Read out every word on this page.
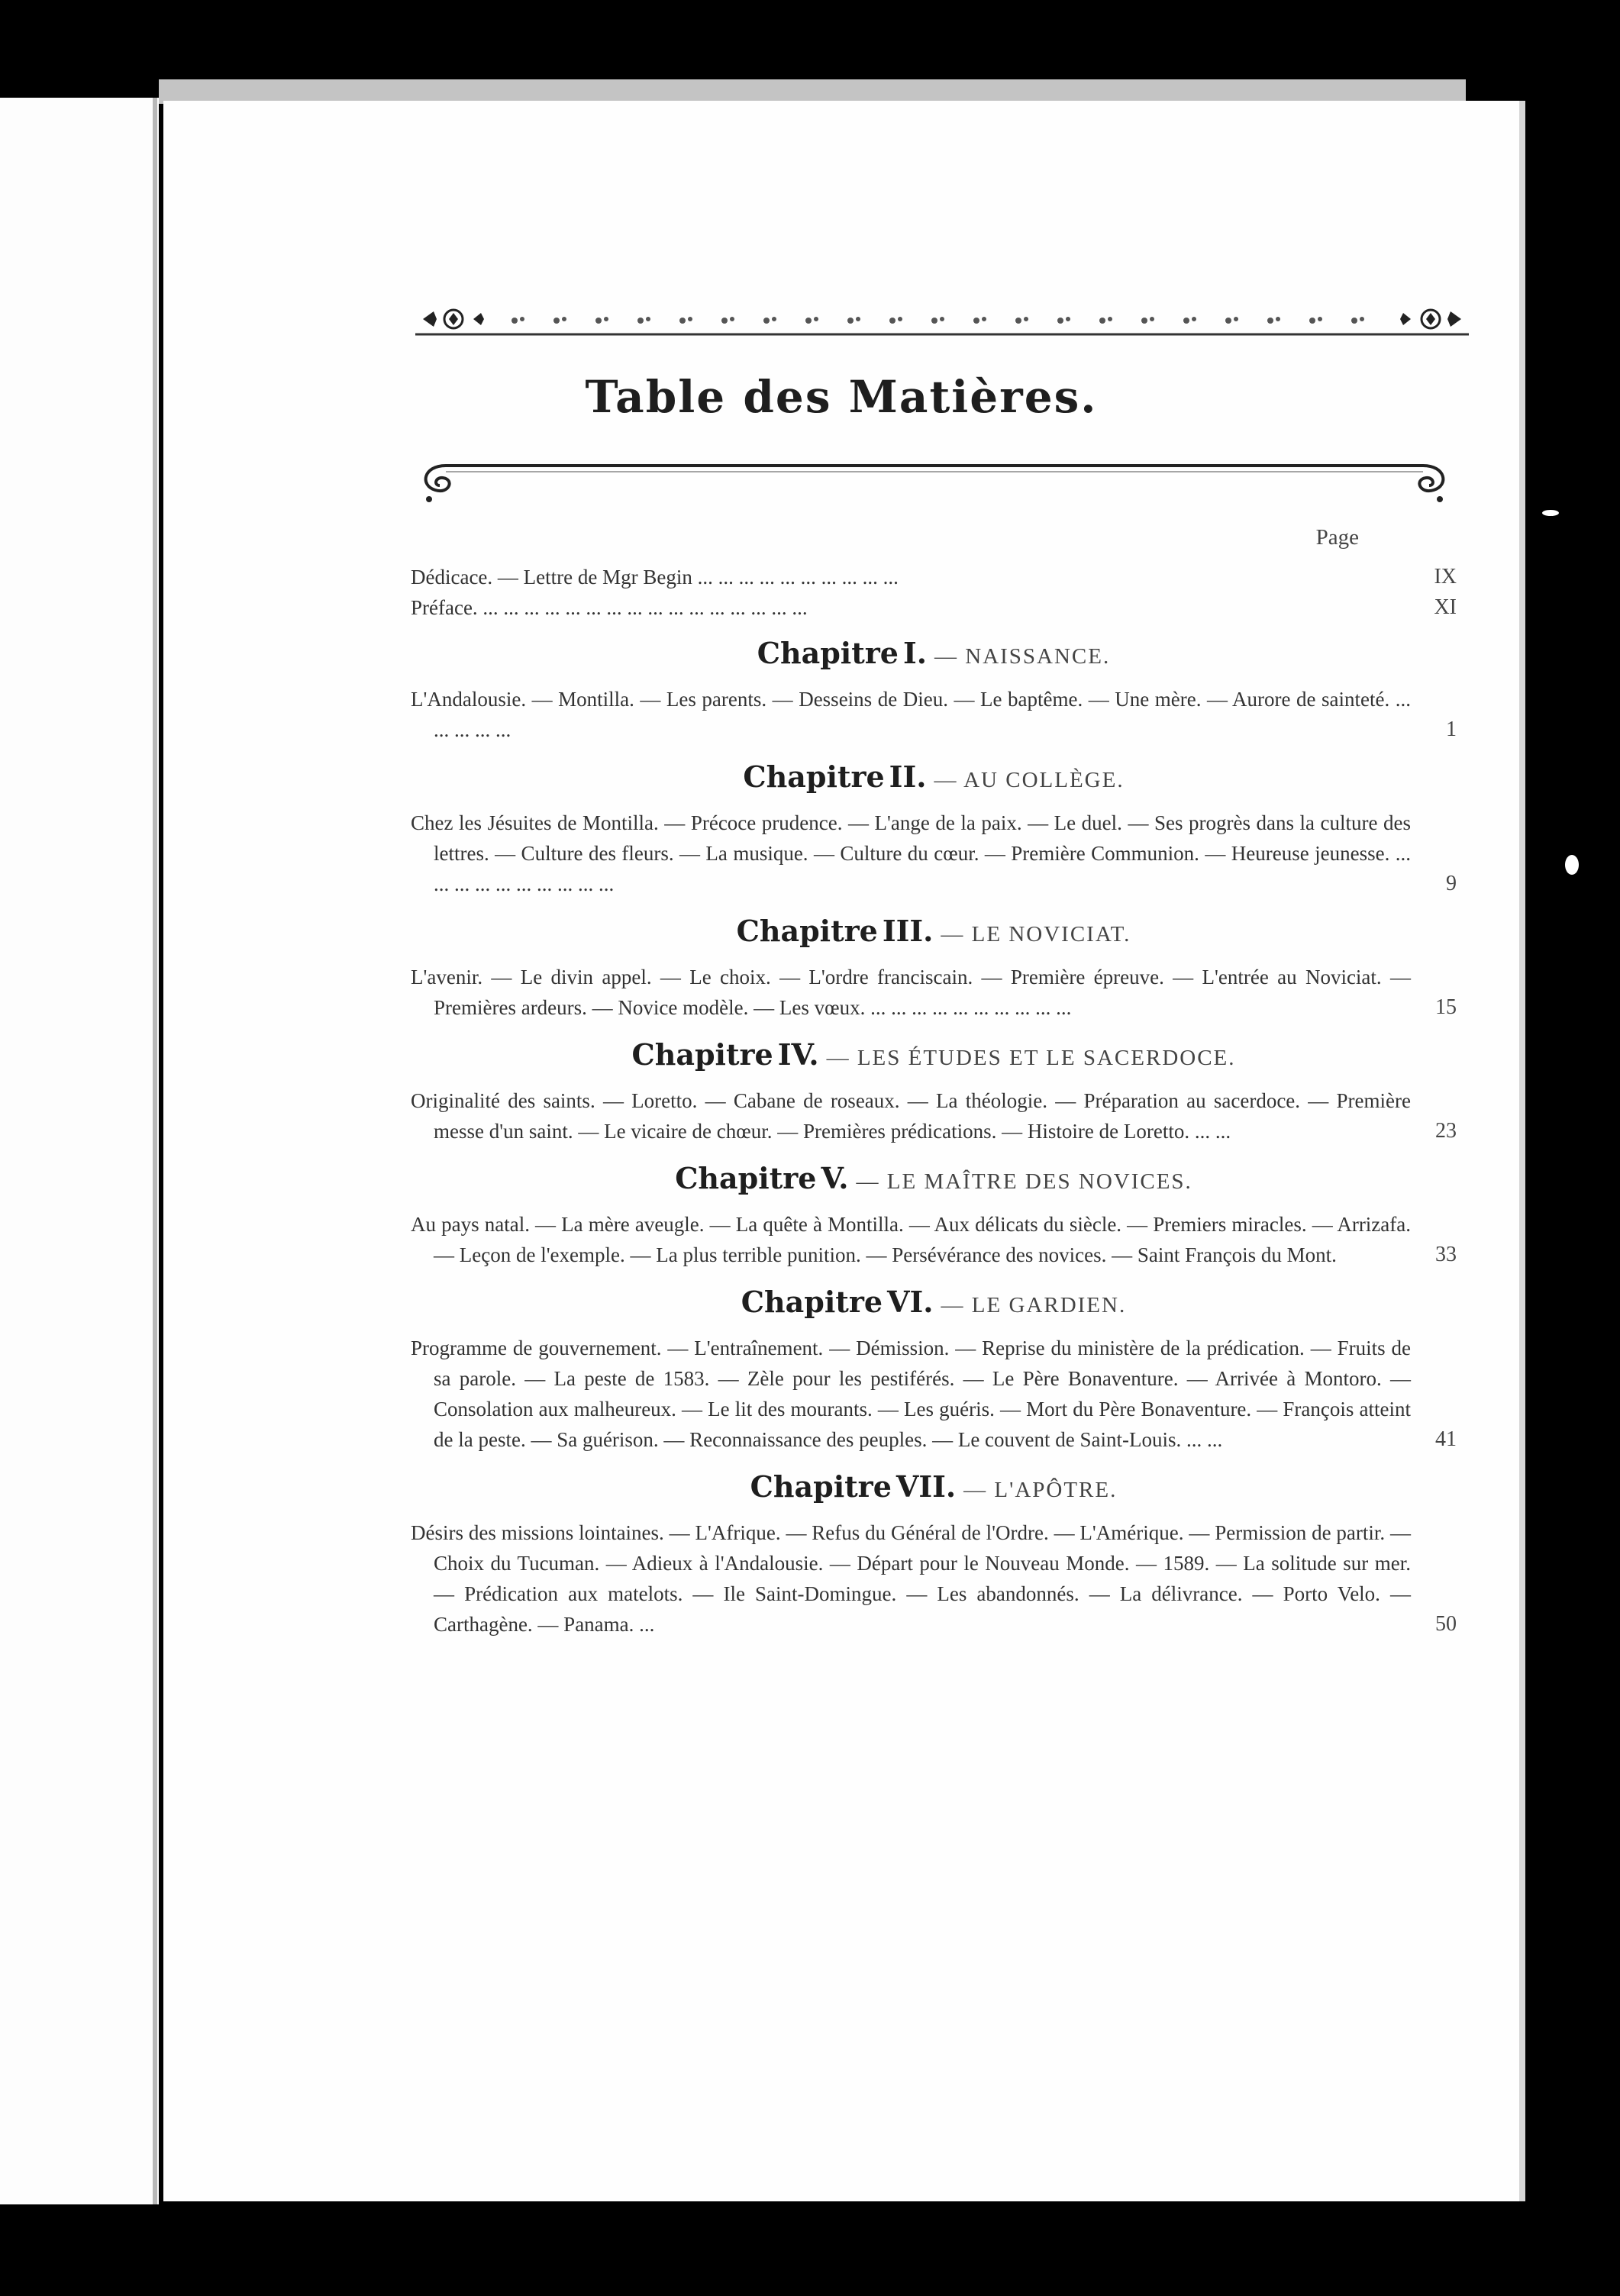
Table des Matières.
Page
Dédicace. — Lettre de Mgr Begin ... ... ... ... ... ... ... ... ... ...	IX
Préface. ... ... ... ... ... ... ... ... ... ... ... ... ... ... ... ...	XI
Chapitre I. — NAISSANCE.
L'Andalousie. — Montilla. — Les parents. — Desseins de Dieu. — Le baptême. — Une mère. — Aurore de sainteté. ... ... ... ... ...	1
Chapitre II. — AU COLLÈGE.
Chez les Jésuites de Montilla. — Précoce prudence. — L'ange de la paix. — Le duel. — Ses progrès dans la culture des lettres. — Culture des fleurs. — La musique. — Culture du cœur. — Première Communion. — Heureuse jeunesse. ... ... ... ... ... ... ... ... ... ...	9
Chapitre III. — LE NOVICIAT.
L'avenir. — Le divin appel. — Le choix. — L'ordre franciscain. — Première épreuve. — L'entrée au Noviciat. — Premières ardeurs. — Novice modèle. — Les vœux. ... ... ... ... ... ... ... ... ... ...	15
Chapitre IV. — LES ÉTUDES ET LE SACERDOCE.
Originalité des saints. — Loretto. — Cabane de roseaux. — La théologie. — Préparation au sacerdoce. — Première messe d'un saint. — Le vicaire de chœur. — Premières prédications. — Histoire de Loretto. ... ...	23
Chapitre V. — LE MAÎTRE DES NOVICES.
Au pays natal. — La mère aveugle. — La quête à Montilla. — Aux délicats du siècle. — Premiers miracles. — Arrizafa. — Leçon de l'exemple. — La plus terrible punition. — Persévérance des novices. — Saint François du Mont.	33
Chapitre VI. — LE GARDIEN.
Programme de gouvernement. — L'entraînement. — Démission. — Reprise du ministère de la prédication. — Fruits de sa parole. — La peste de 1583. — Zèle pour les pestiférés. — Le Père Bonaventure. — Arrivée à Montoro. — Consolation aux malheureux. — Le lit des mourants. — Les guéris. — Mort du Père Bonaventure. — François atteint de la peste. — Sa guérison. — Reconnaissance des peuples. — Le couvent de Saint-Louis. ... ...	41
Chapitre VII. — L'APÔTRE.
Désirs des missions lointaines. — L'Afrique. — Refus du Général de l'Ordre. — L'Amérique. — Permission de partir. — Choix du Tucuman. — Adieux à l'Andalousie. — Départ pour le Nouveau Monde. — 1589. — La solitude sur mer. — Prédication aux matelots. — Ile Saint-Domingue. — Les abandonnés. — La délivrance. — Porto Velo. — Carthagène. — Panama. ...	50
